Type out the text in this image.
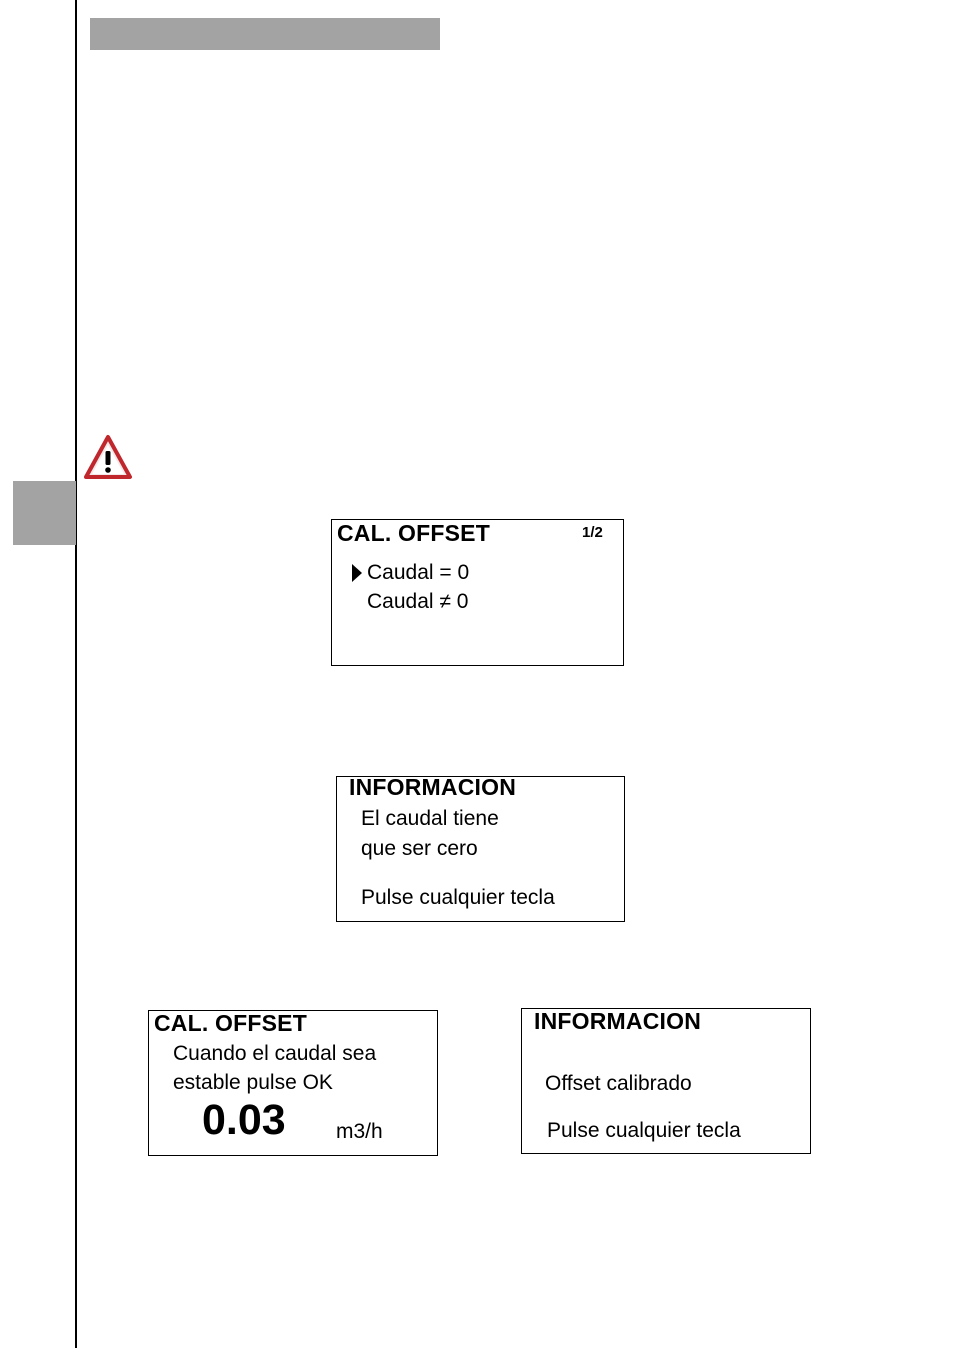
CAL. OFFSET	1/2
Caudal = 0
Caudal ≠ 0
INFORMACION
El caudal tiene
que ser cero
Pulse cualquier tecla
CAL. OFFSET
Cuando el caudal sea
estable pulse OK
0.03 m3/h
INFORMACION
Offset calibrado
Pulse cualquier tecla
